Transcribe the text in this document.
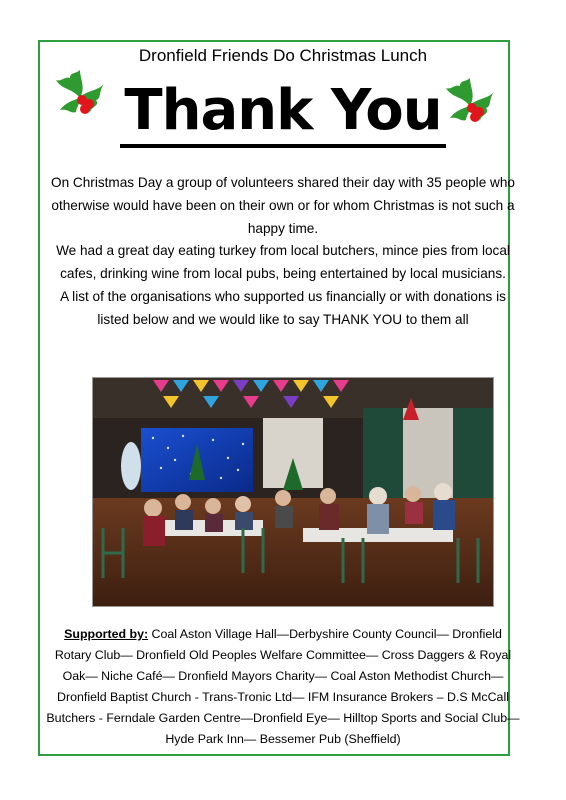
Dronfield Friends Do Christmas Lunch
Thank You

On Christmas Day a group of volunteers shared their day with 35 people who otherwise would have been on their own or for whom Christmas is not such a happy time.

We had a great day eating turkey from local butchers, mince pies from local cafes, drinking wine from local pubs, being entertained by local musicians.

A list of the organisations who supported us financially or with donations is listed below and we would like to say THANK YOU to them all

Supported by: Coal Aston Village Hall—Derbyshire County Council— Dronfield Rotary Club— Dronfield Old Peoples Welfare Committee— Cross Daggers & Royal Oak— Niche Café— Dronfield Mayors Charity— Coal Aston Methodist Church— Dronfield Baptist Church - Trans-Tronic Ltd— IFM Insurance Brokers – D.S McCall Butchers - Ferndale Garden Centre—Dronfield Eye— Hilltop Sports and Social Club— Hyde Park Inn— Bessemer Pub (Sheffield)
